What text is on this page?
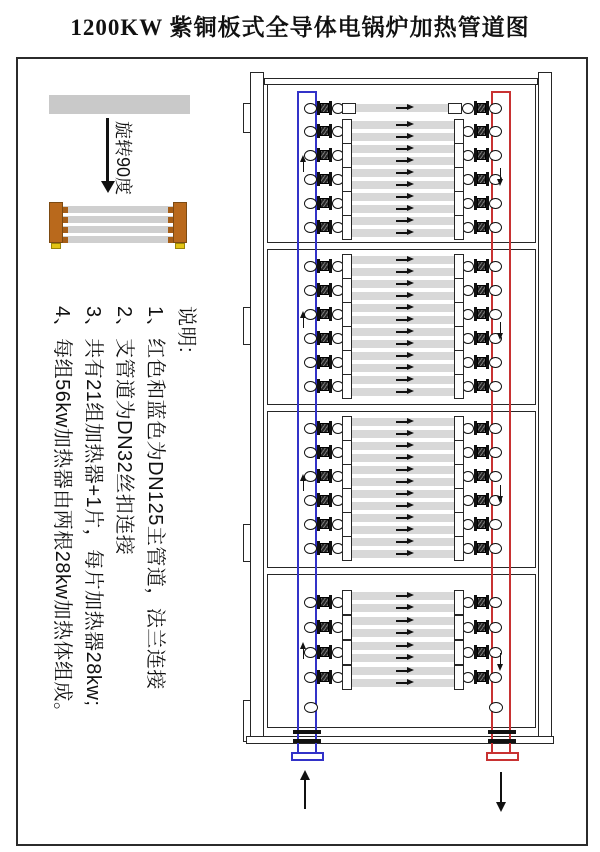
1200KW 紫铜板式全导体电锅炉加热管道图
旋转90度
说明:
1、红色和蓝色为DN125主管道，法兰连接
2、支管道为DN32丝扣连接
3、共有21组加热器+1片，每片加热器28kw;
4、每组56kw加热器由两根28kw加热体组成。
